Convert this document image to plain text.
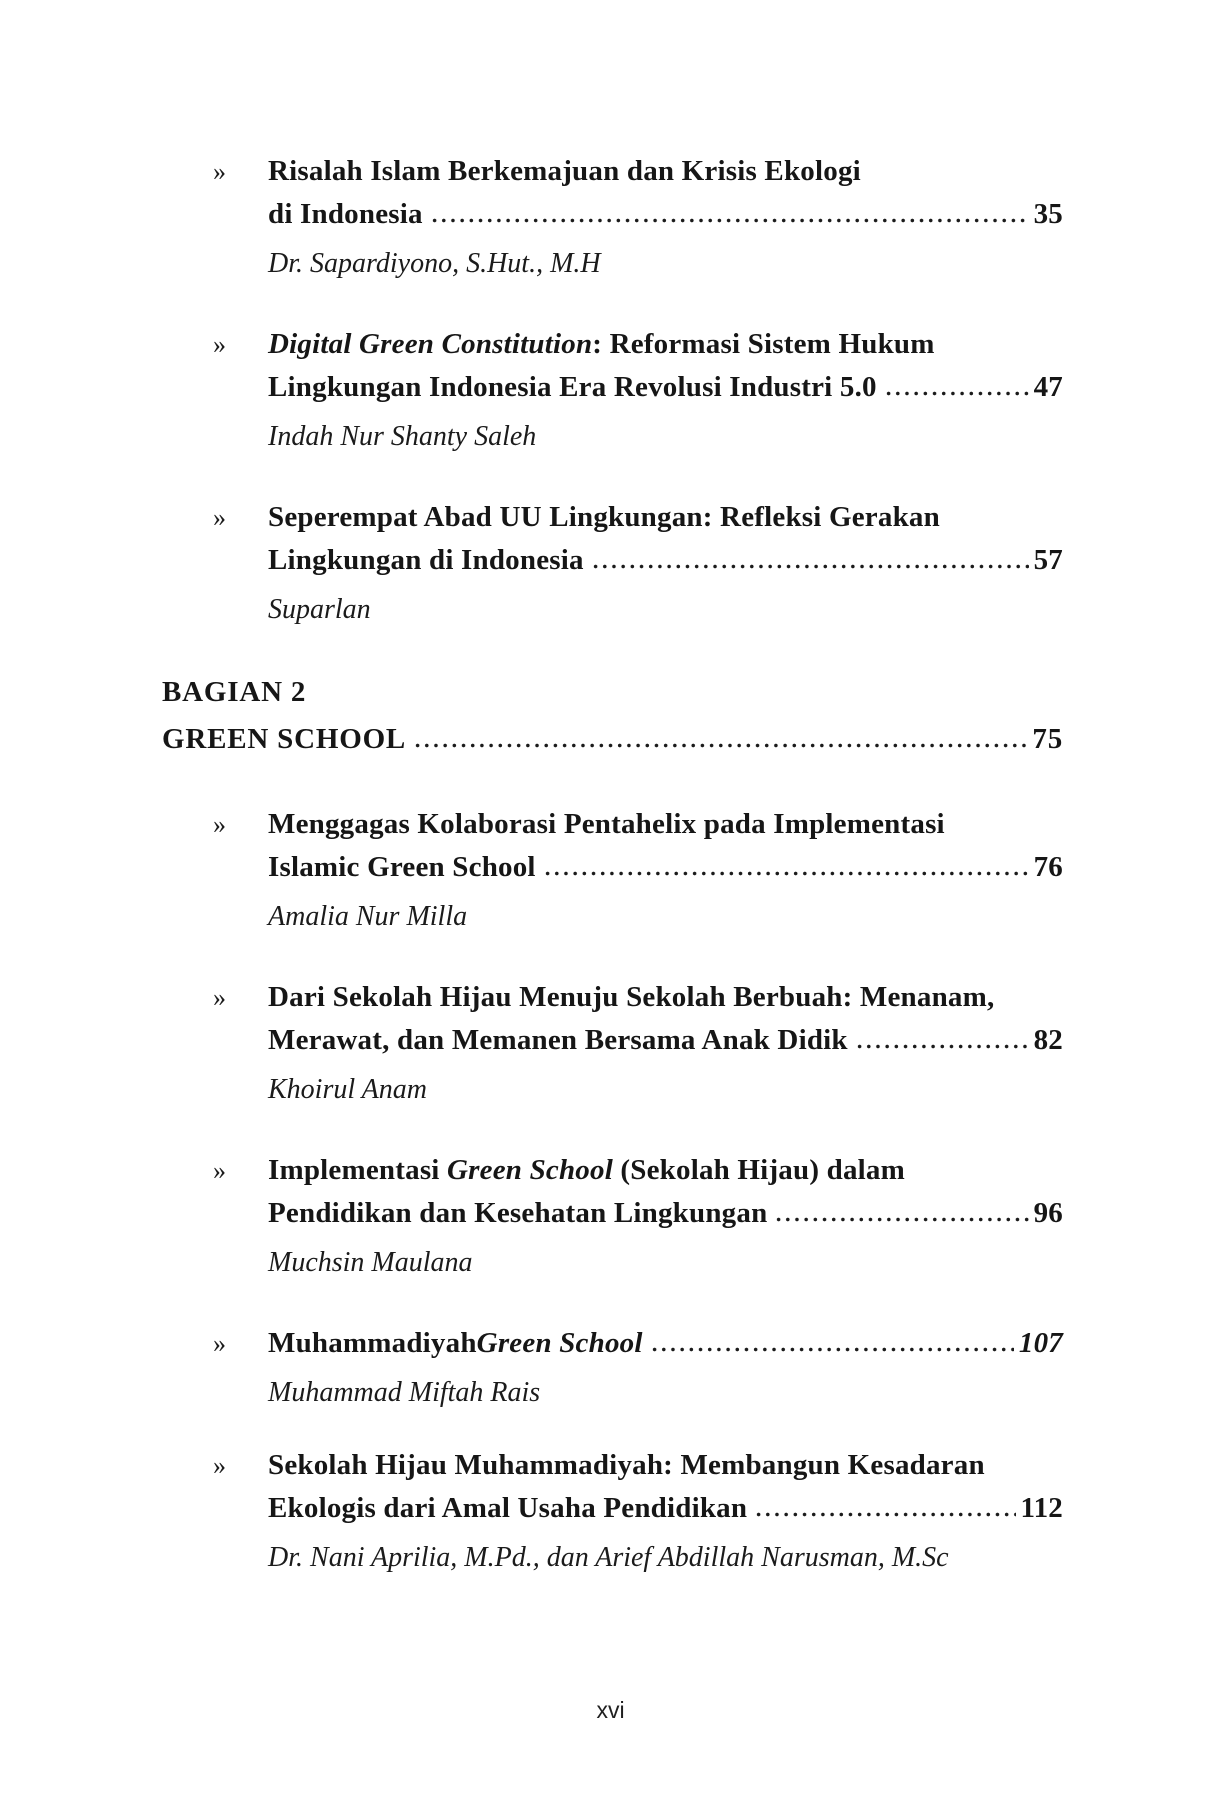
»	Risalah Islam Berkemajuan dan Krisis Ekologi
di Indonesia	35
Dr. Sapardiyono, S.Hut., M.H
»	Digital Green Constitution: Reformasi Sistem Hukum
Lingkungan Indonesia Era Revolusi Industri 5.0	47
Indah Nur Shanty Saleh
»	Seperempat Abad UU Lingkungan: Refleksi Gerakan
Lingkungan di Indonesia	57
Suparlan
BAGIAN 2
GREEN SCHOOL	75
»	Menggagas Kolaborasi Pentahelix pada Implementasi
Islamic Green School	76
Amalia Nur Milla
»	Dari Sekolah Hijau Menuju Sekolah Berbuah: Menanam,
Merawat, dan Memanen Bersama Anak Didik	82
Khoirul Anam
»	Implementasi Green School (Sekolah Hijau) dalam
Pendidikan dan Kesehatan Lingkungan	96
Muchsin Maulana
»	Muhammadiyah Green School	107
Muhammad Miftah Rais
»	Sekolah Hijau Muhammadiyah: Membangun Kesadaran
Ekologis dari Amal Usaha Pendidikan	112
Dr. Nani Aprilia, M.Pd., dan Arief Abdillah Narusman, M.Sc
xvi
